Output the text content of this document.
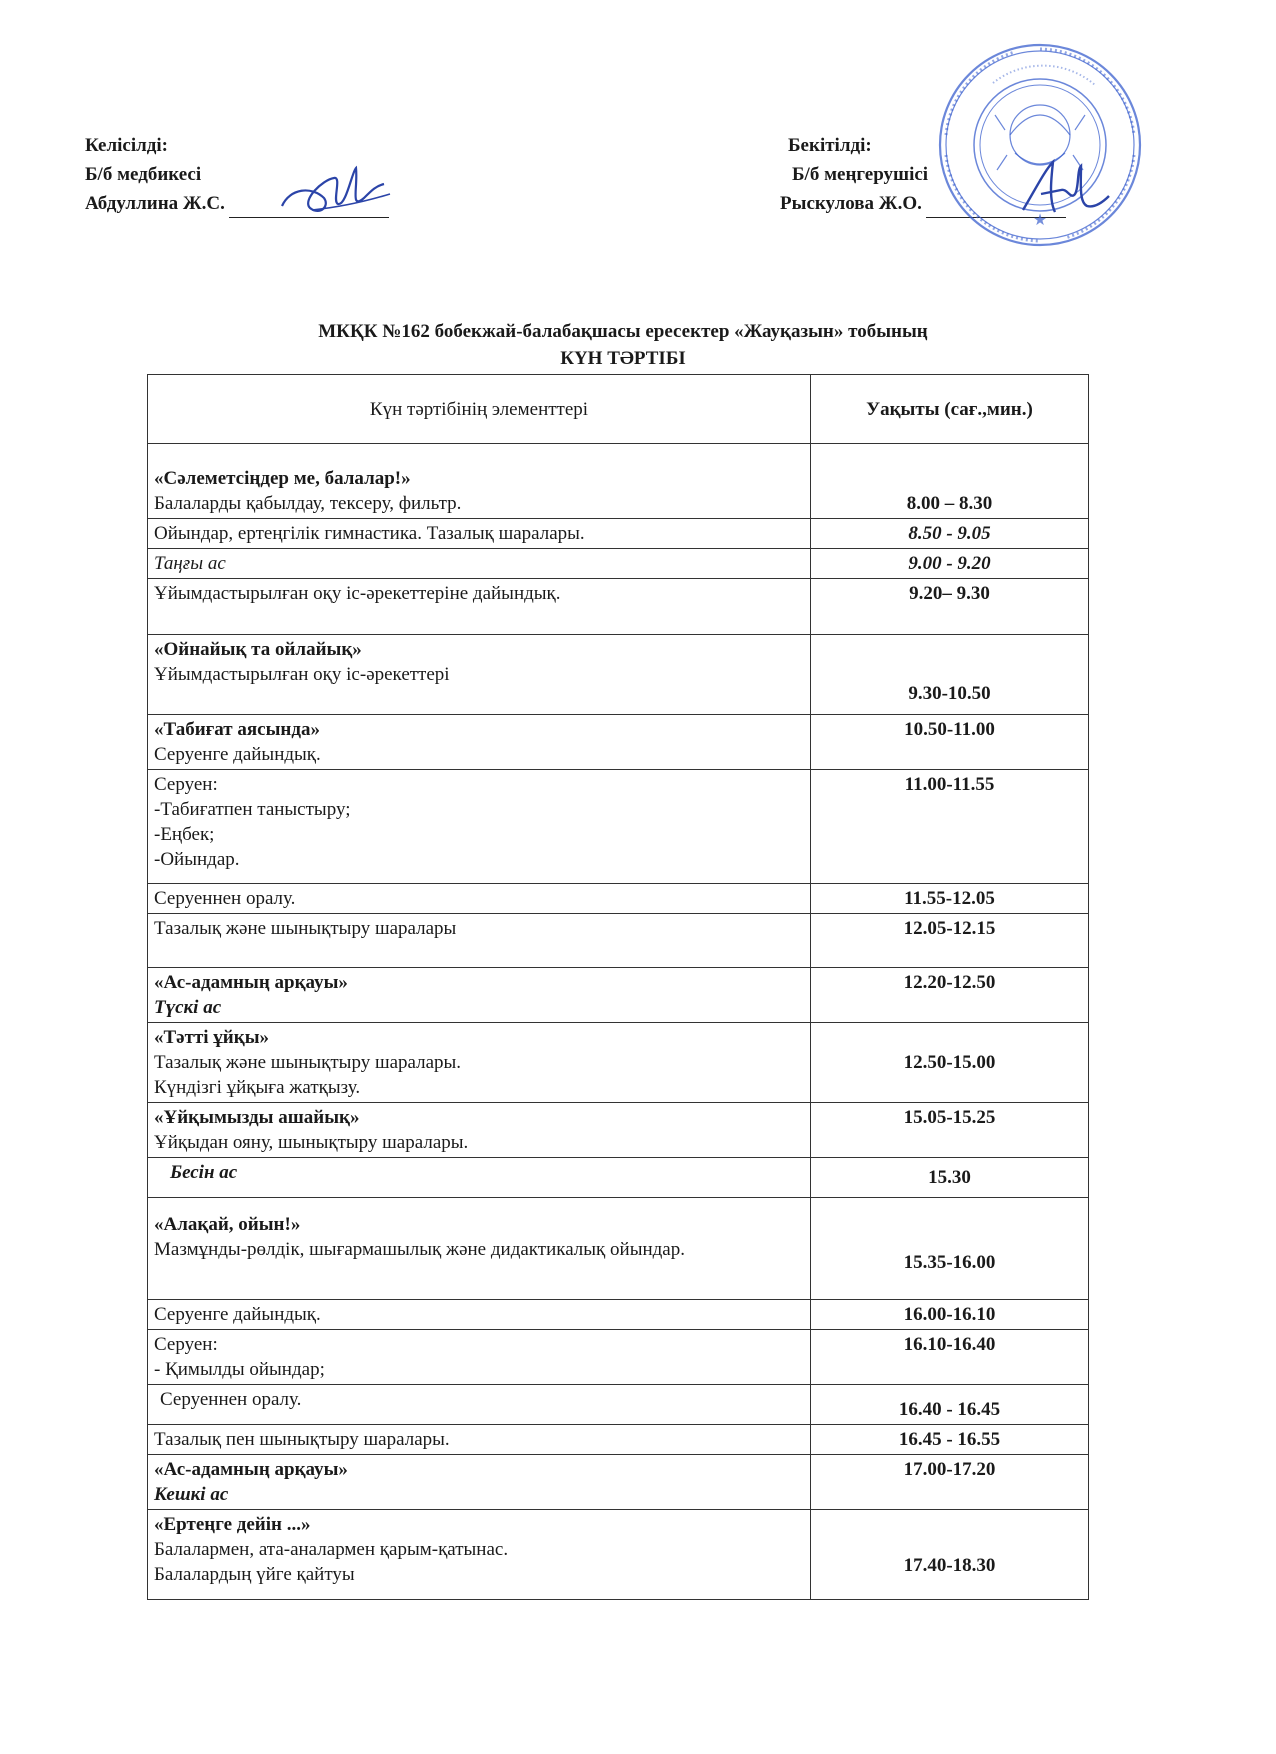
Келісілді:
Б/б медбикесі
Абдуллина Ж.С.
Бекітілді:
Б/б меңгерушісі
Рыскулова Ж.О.
★
МКҚК №162 бобекжай-балабақшасы ересектер «Жауқазын» тобының
КҮН ТӘРТІБІ
Күн тәртібінің элементтері	Уақыты (сағ.,мин.)

«Сәлеметсіңдер ме, балалар!»
Балаларды қабылдау, тексеру, фильтр.	8.00 – 8.30

Ойындар, ертеңгілік гимнастика. Тазалық шаралары.	8.50 - 9.05

Таңғы ас	9.00 - 9.20

Ұйымдастырылған оқу іс-әрекеттеріне дайындық.	9.20– 9.30

«Ойнайық та ойлайық»
Ұйымдастырылған оқу іс-әрекеттері	9.30-10.50

«Табиғат аясында»
Серуенге дайындық.	10.50-11.00

Серуен:
-Табиғатпен таныстыру;
-Еңбек;
-Ойындар.	11.00-11.55

Серуеннен оралу.	11.55-12.05

Тазалық және шынықтыру шаралары	12.05-12.15

«Ас-адамның арқауы»
Түскі ас	12.20-12.50

«Тәтті ұйқы»
Тазалық және шынықтыру шаралары.
Күндізгі ұйқыға жатқызу.	12.50-15.00

«Ұйқымызды ашайық»
Ұйқыдан ояну, шынықтыру шаралары.	15.05-15.25

Бесін ас	15.30

«Алақай, ойын!»
Мазмұнды-рөлдік, шығармашылық және дидактикалық ойындар.	15.35-16.00

Серуенге дайындық.	16.00-16.10

Серуен:
- Қимылды ойындар;	16.10-16.40

Серуеннен оралу.	16.40 - 16.45

Тазалық пен шынықтыру шаралары.	16.45 - 16.55

«Ас-адамның арқауы»
Кешкі ас	17.00-17.20

«Ертеңге дейін ...»
Балалармен, ата-аналармен қарым-қатынас.
Балалардың үйге қайтуы	17.40-18.30
